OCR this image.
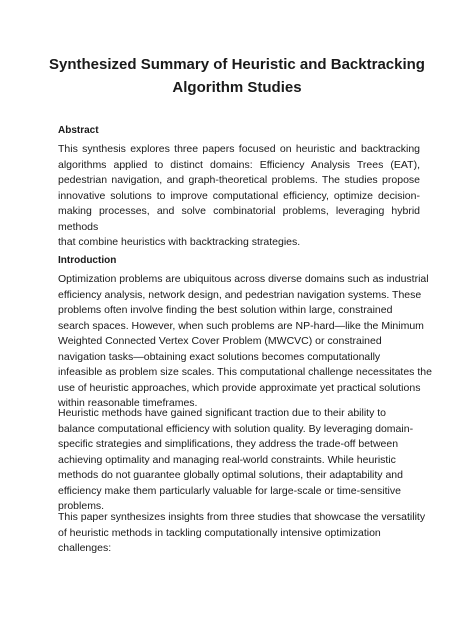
Synthesized Summary of Heuristic and Backtracking
Algorithm Studies
Abstract
This synthesis explores three papers focused on heuristic and backtracking
algorithms applied to distinct domains: Efficiency Analysis Trees (EAT),
pedestrian navigation, and graph-theoretical problems. The studies propose
innovative solutions to improve computational efficiency, optimize decision-
making processes, and solve combinatorial problems, leveraging hybrid methods
that combine heuristics with backtracking strategies.
Introduction
Optimization problems are ubiquitous across diverse domains such as industrial
efficiency analysis, network design, and pedestrian navigation systems. These
problems often involve finding the best solution within large, constrained
search spaces. However, when such problems are NP-hard—like the Minimum
Weighted Connected Vertex Cover Problem (MWCVC) or constrained
navigation tasks—obtaining exact solutions becomes computationally
infeasible as problem size scales. This computational challenge necessitates the
use of heuristic approaches, which provide approximate yet practical solutions
within reasonable timeframes.
Heuristic methods have gained significant traction due to their ability to
balance computational efficiency with solution quality. By leveraging domain-
specific strategies and simplifications, they address the trade-off between
achieving optimality and managing real-world constraints. While heuristic
methods do not guarantee globally optimal solutions, their adaptability and
efficiency make them particularly valuable for large-scale or time-sensitive
problems.
This paper synthesizes insights from three studies that showcase the versatility
of heuristic methods in tackling computationally intensive optimization
challenges:
